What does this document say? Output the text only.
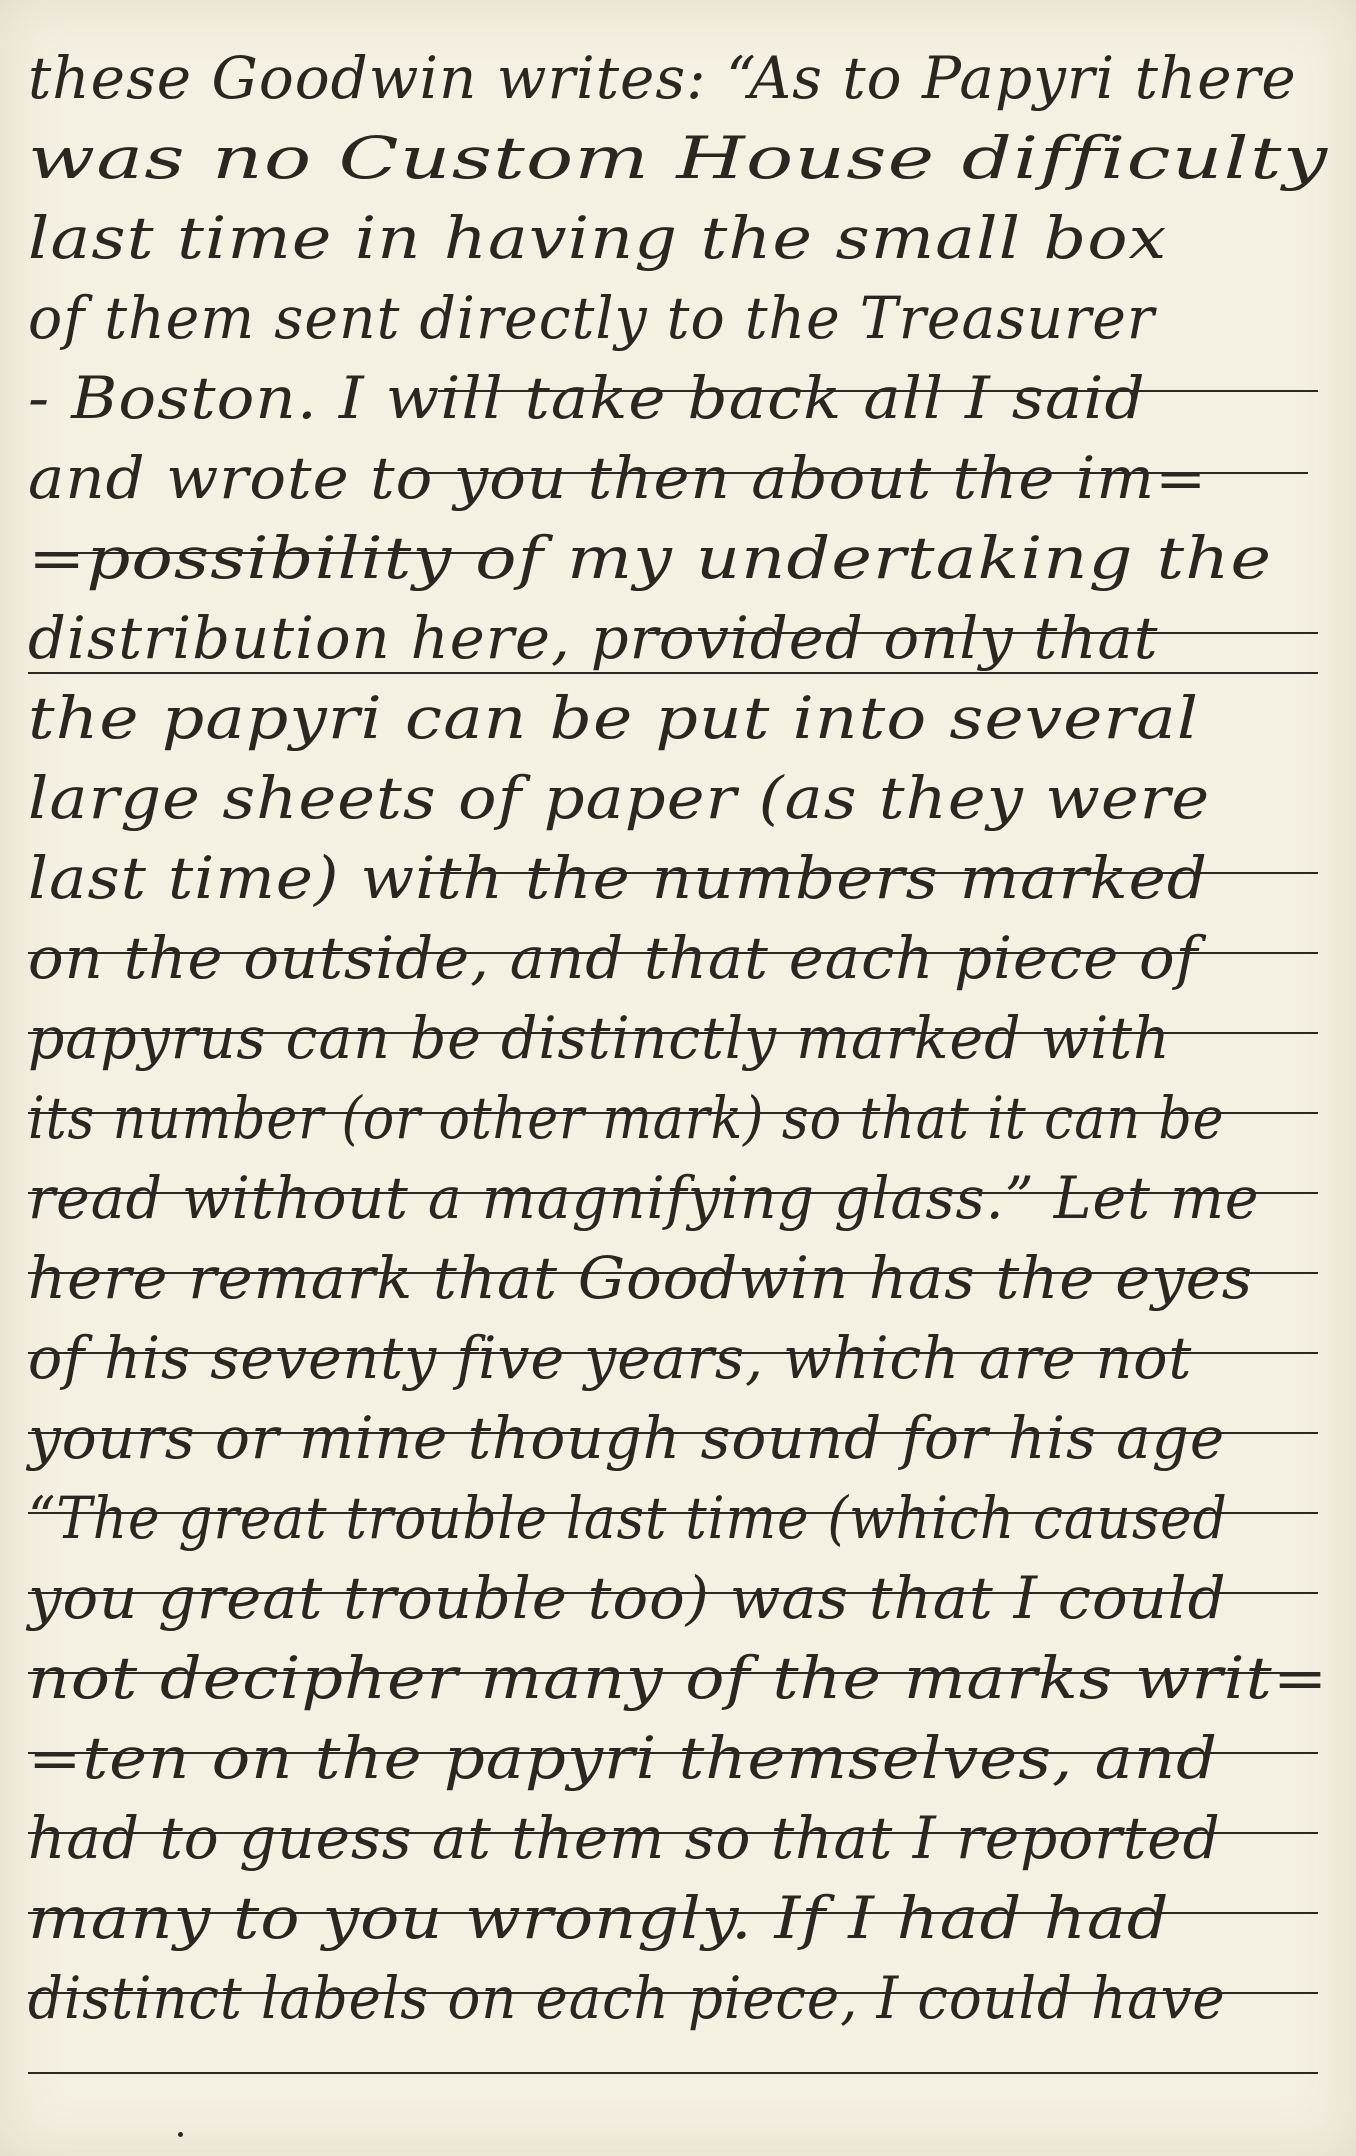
these Goodwin writes: “As to Papyri there
was no Custom House difficulty
last time in having the small box
of them sent directly to the Treasurer
- Boston. I will take back all I said
and wrote to you then about the im=
=possibility of my undertaking the
distribution here, provided only that
the papyri can be put into several
large sheets of paper (as they were
last time) with the numbers marked
on the outside, and that each piece of
papyrus can be distinctly marked with
its number (or other mark) so that it can be
read without a magnifying glass.” Let me
here remark that Goodwin has the eyes
of his seventy five years, which are not
yours or mine though sound for his age
“The great trouble last time (which caused
you great trouble too) was that I could
not decipher many of the marks writ=
=ten on the papyri themselves, and
had to guess at them so that I reported
many to you wrongly. If I had had
distinct labels on each piece, I could have
